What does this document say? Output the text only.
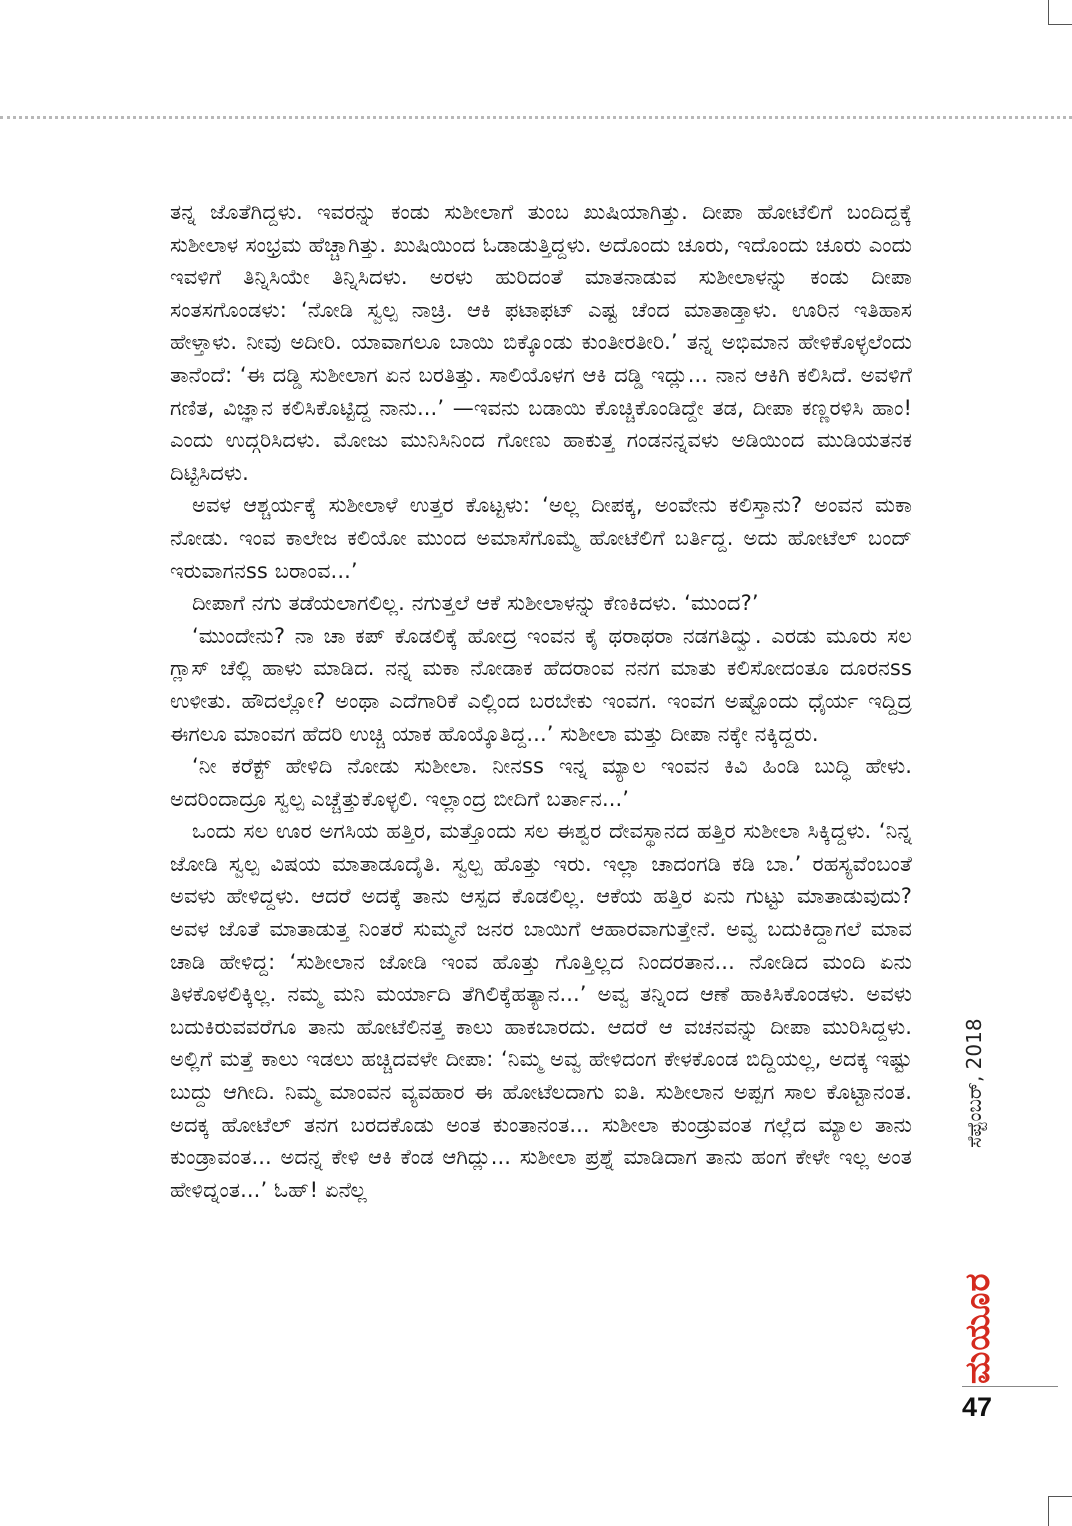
ತನ್ನ ಜೊತೆಗಿದ್ದಳು. ಇವರನ್ನು ಕಂಡು ಸುಶೀಲಾಗೆ ತುಂಬ ಖುಷಿಯಾಗಿತ್ತು. ದೀಪಾ ಹೋಟೆಲಿಗೆ ಬಂದಿದ್ದಕ್ಕೆ ಸುಶೀಲಾಳ ಸಂಭ್ರಮ ಹೆಚ್ಚಾಗಿತ್ತು. ಖುಷಿಯಿಂದ ಓಡಾಡುತ್ತಿದ್ದಳು. ಅದೊಂದು ಚೂರು, ಇದೊಂದು ಚೂರು ಎಂದು ಇವಳಿಗೆ ತಿನ್ನಿಸಿಯೇ ತಿನ್ನಿಸಿದಳು. ಅರಳು ಹುರಿದಂತೆ ಮಾತನಾಡುವ ಸುಶೀಲಾಳನ್ನು ಕಂಡು ದೀಪಾ ಸಂತಸಗೊಂಡಳು: ‘ನೋಡಿ ಸ್ವಲ್ಪ ನಾಚ್ರಿ. ಆಕಿ ಫಟಾಫಟ್ ಎಷ್ಟ ಚೆಂದ ಮಾತಾಡ್ತಾಳು. ಊರಿನ ಇತಿಹಾಸ ಹೇಳ್ತಾಳು. ನೀವು ಅದೀರಿ. ಯಾವಾಗಲೂ ಬಾಯಿ ಬಿಕ್ಕೊಂಡು ಕುಂತೀರತೀರಿ.’ ತನ್ನ ಅಭಿಮಾನ ಹೇಳಿಕೊಳ್ಳಲೆಂದು ತಾನೆಂದೆ: ‘ಈ ದಡ್ಡಿ ಸುಶೀಲಾಗ ಏನ ಬರತಿತ್ತು. ಸಾಲಿಯೊಳಗ ಆಕಿ ದಡ್ಡಿ ಇದ್ಲು... ನಾನ ಆಕಿಗಿ ಕಲಿಸಿದೆ. ಅವಳಿಗೆ ಗಣಿತ, ವಿಜ್ಞಾನ ಕಲಿಸಿಕೊಟ್ಟಿದ್ದ ನಾನು...’ —ಇವನು ಬಡಾಯಿ ಕೊಚ್ಚಿಕೊಂಡಿದ್ದೇ ತಡ, ದೀಪಾ ಕಣ್ಣರಳಿಸಿ ಹಾಂ! ಎಂದು ಉದ್ಗರಿಸಿದಳು. ಮೋಜು ಮುನಿಸಿನಿಂದ ಗೋಣು ಹಾಕುತ್ತ ಗಂಡನನ್ನವಳು ಅಡಿಯಿಂದ ಮುಡಿಯತನಕ ದಿಟ್ಟಿಸಿದಳು.

ಅವಳ ಆಶ್ಚರ್ಯಕ್ಕೆ ಸುಶೀಲಾಳೆ ಉತ್ತರ ಕೊಟ್ಟಳು: ‘ಅಲ್ಲ ದೀಪಕ್ಕ, ಅಂವೇನು ಕಲಿಸ್ತಾನು? ಅಂವನ ಮಕಾ ನೋಡು. ಇಂವ ಕಾಲೇಜ ಕಲಿಯೋ ಮುಂದ ಅಮಾಸೆಗೊಮ್ಮೆ ಹೋಟೆಲಿಗೆ ಬರ್ತಿದ್ದ. ಅದು ಹೋಟೆಲ್ ಬಂದ್ ಇರುವಾಗನss ಬರಾಂವ...’

ದೀಪಾಗೆ ನಗು ತಡೆಯಲಾಗಲಿಲ್ಲ. ನಗುತ್ತಲೆ ಆಕೆ ಸುಶೀಲಾಳನ್ನು ಕೆಣಕಿದಳು. ‘ಮುಂದ?’

‘ಮುಂದೇನು? ನಾ ಚಾ ಕಪ್ ಕೊಡಲಿಕ್ಕೆ ಹೋದ್ರ ಇಂವನ ಕೈ ಥರಾಥರಾ ನಡಗತಿದ್ವು. ಎರಡು ಮೂರು ಸಲ ಗ್ಲಾಸ್ ಚೆಲ್ಲಿ ಹಾಳು ಮಾಡಿದ. ನನ್ನ ಮಕಾ ನೋಡಾಕ ಹೆದರಾಂವ ನನಗ ಮಾತು ಕಲಿಸೋದಂತೂ ದೂರನss ಉಳೀತು. ಹೌದಲ್ಲೋ? ಅಂಥಾ ಎದೆಗಾರಿಕೆ ಎಲ್ಲಿಂದ ಬರಬೇಕು ಇಂವಗ. ಇಂವಗ ಅಷ್ಟೊಂದು ಧೈರ್ಯ ಇದ್ದಿದ್ರ ಈಗಲೂ ಮಾಂವಗ ಹೆದರಿ ಉಚ್ಚಿ ಯಾಕ ಹೊಯ್ಕೊತಿದ್ದ...’ ಸುಶೀಲಾ ಮತ್ತು ದೀಪಾ ನಕ್ಕೇ ನಕ್ಕಿದ್ದರು.

‘ನೀ ಕರೆಕ್ಟ್ ಹೇಳಿದಿ ನೋಡು ಸುಶೀಲಾ. ನೀನss ಇನ್ನ ಮ್ಯಾಲ ಇಂವನ ಕಿವಿ ಹಿಂಡಿ ಬುದ್ಧಿ ಹೇಳು. ಅದರಿಂದಾದ್ರೂ ಸ್ವಲ್ಪ ಎಚ್ಚೆತ್ತುಕೊಳ್ಳಲಿ. ಇಲ್ಲಾಂದ್ರ ಬೀದಿಗೆ ಬರ್ತಾನ...’

ಒಂದು ಸಲ ಊರ ಅಗಸಿಯ ಹತ್ತಿರ, ಮತ್ತೊಂದು ಸಲ ಈಶ್ವರ ದೇವಸ್ಥಾನದ ಹತ್ತಿರ ಸುಶೀಲಾ ಸಿಕ್ಕಿದ್ದಳು. ‘ನಿನ್ನ ಜೋಡಿ ಸ್ವಲ್ಪ ವಿಷಯ ಮಾತಾಡೂದೈತಿ. ಸ್ವಲ್ಪ ಹೊತ್ತು ಇರು. ಇಲ್ಲಾ ಚಾದಂಗಡಿ ಕಡಿ ಬಾ.’ ರಹಸ್ಯವೆಂಬಂತೆ ಅವಳು ಹೇಳಿದ್ದಳು. ಆದರೆ ಅದಕ್ಕೆ ತಾನು ಆಸ್ಪದ ಕೊಡಲಿಲ್ಲ. ಆಕೆಯ ಹತ್ತಿರ ಏನು ಗುಟ್ಟು ಮಾತಾಡುವುದು? ಅವಳ ಜೊತೆ ಮಾತಾಡುತ್ತ ನಿಂತರೆ ಸುಮ್ಮನೆ ಜನರ ಬಾಯಿಗೆ ಆಹಾರವಾಗುತ್ತೇನೆ. ಅವ್ವ ಬದುಕಿದ್ದಾಗಲೆ ಮಾವ ಚಾಡಿ ಹೇಳಿದ್ದ: ‘ಸುಶೀಲಾನ ಜೋಡಿ ಇಂವ ಹೊತ್ತು ಗೊತ್ತಿಲ್ಲದ ನಿಂದರತಾನ... ನೋಡಿದ ಮಂದಿ ಏನು ತಿಳಕೊಳಲಿಕ್ಕಿಲ್ಲ. ನಮ್ಮ ಮನಿ ಮರ್ಯಾದಿ ತೆಗಿಲಿಕ್ಕೆಹತ್ಯಾನ...’ ಅವ್ವ ತನ್ನಿಂದ ಆಣೆ ಹಾಕಿಸಿಕೊಂಡಳು. ಅವಳು ಬದುಕಿರುವವರೆಗೂ ತಾನು ಹೋಟೆಲಿನತ್ತ ಕಾಲು ಹಾಕಬಾರದು. ಆದರೆ ಆ ವಚನವನ್ನು ದೀಪಾ ಮುರಿಸಿದ್ದಳು. ಅಲ್ಲಿಗೆ ಮತ್ತೆ ಕಾಲು ಇಡಲು ಹಚ್ಚಿದವಳೇ ದೀಪಾ: ‘ನಿಮ್ಮ ಅವ್ವ ಹೇಳಿದಂಗ ಕೇಳಕೊಂಡ ಬಿದ್ದಿಯಲ್ಲ, ಅದಕ್ಕ ಇಷ್ಟು ಬುದ್ದು ಆಗೀದಿ. ನಿಮ್ಮ ಮಾಂವನ ವ್ಯವಹಾರ ಈ ಹೋಟೆಲದಾಗು ಐತಿ. ಸುಶೀಲಾನ ಅಪ್ಪಗ ಸಾಲ ಕೊಟ್ಟಾನಂತ. ಅದಕ್ಕ ಹೋಟೆಲ್ ತನಗ ಬರದಕೊಡು ಅಂತ ಕುಂತಾನಂತ... ಸುಶೀಲಾ ಕುಂಡ್ರುವಂತ ಗಲ್ಲೆದ ಮ್ಯಾಲ ತಾನು ಕುಂಡ್ರಾವಂತ... ಅದನ್ನ ಕೇಳಿ ಆಕಿ ಕೆಂಡ ಆಗಿದ್ಲು... ಸುಶೀಲಾ ಪ್ರಶ್ನೆ ಮಾಡಿದಾಗ ತಾನು ಹಂಗ ಕೇಳೇ ಇಲ್ಲ ಅಂತ ಹೇಳಿದ್ನಂತ...’ ಓಹ್! ಏನೆಲ್ಲ

ಸೆಪ್ಟೆಂಬರ್, 2018
ಮಯೂರ
47
